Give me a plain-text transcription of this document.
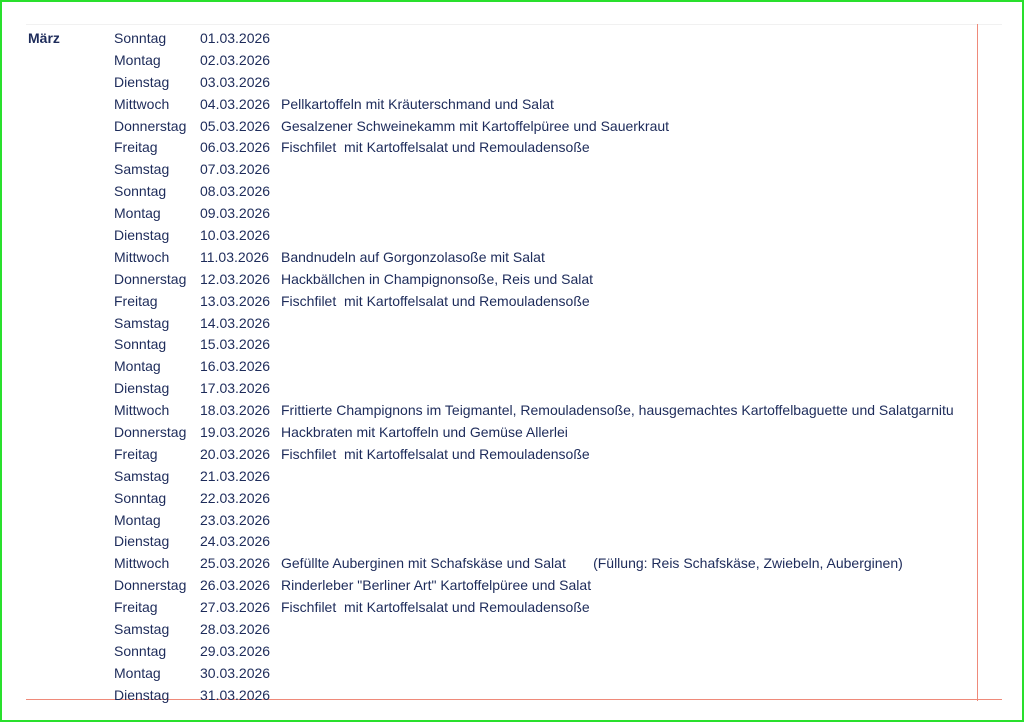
März	Sonntag 01.03.2026
Montag	02.03.2026
Dienstag 03.03.2026
Mittwoch 04.03.2026 Pellkartoffeln mit Kräuterschmand und Salat
Donnerstag 05.03.2026 Gesalzener Schweinekamm mit Kartoffelpüree und Sauerkraut
Freitag	06.03.2026 Fischfilet  mit Kartoffelsalat und Remouladensoße
Samstag 07.03.2026
Sonntag 08.03.2026
Montag	09.03.2026
Dienstag 10.03.2026
Mittwoch 11.03.2026 Bandnudeln auf Gorgonzolasoße mit Salat
Donnerstag 12.03.2026 Hackbällchen in Champignonsoße, Reis und Salat
Freitag	13.03.2026 Fischfilet  mit Kartoffelsalat und Remouladensoße
Samstag 14.03.2026
Sonntag 15.03.2026
Montag	16.03.2026
Dienstag 17.03.2026
Mittwoch 18.03.2026 Frittierte Champignons im Teigmantel, Remouladensoße, hausgemachtes Kartoffelbaguette und Salatgarnitu
Donnerstag 19.03.2026 Hackbraten mit Kartoffeln und Gemüse Allerlei
Freitag	20.03.2026 Fischfilet  mit Kartoffelsalat und Remouladensoße
Samstag 21.03.2026
Sonntag 22.03.2026
Montag	23.03.2026
Dienstag 24.03.2026
Mittwoch 25.03.2026 Gefüllte Auberginen mit Schafskäse und Salat       (Füllung: Reis Schafskäse, Zwiebeln, Auberginen)
Donnerstag 26.03.2026 Rinderleber "Berliner Art" Kartoffelpüree und Salat
Freitag	27.03.2026 Fischfilet  mit Kartoffelsalat und Remouladensoße
Samstag 28.03.2026
Sonntag 29.03.2026
Montag	30.03.2026
Dienstag 31.03.2026
